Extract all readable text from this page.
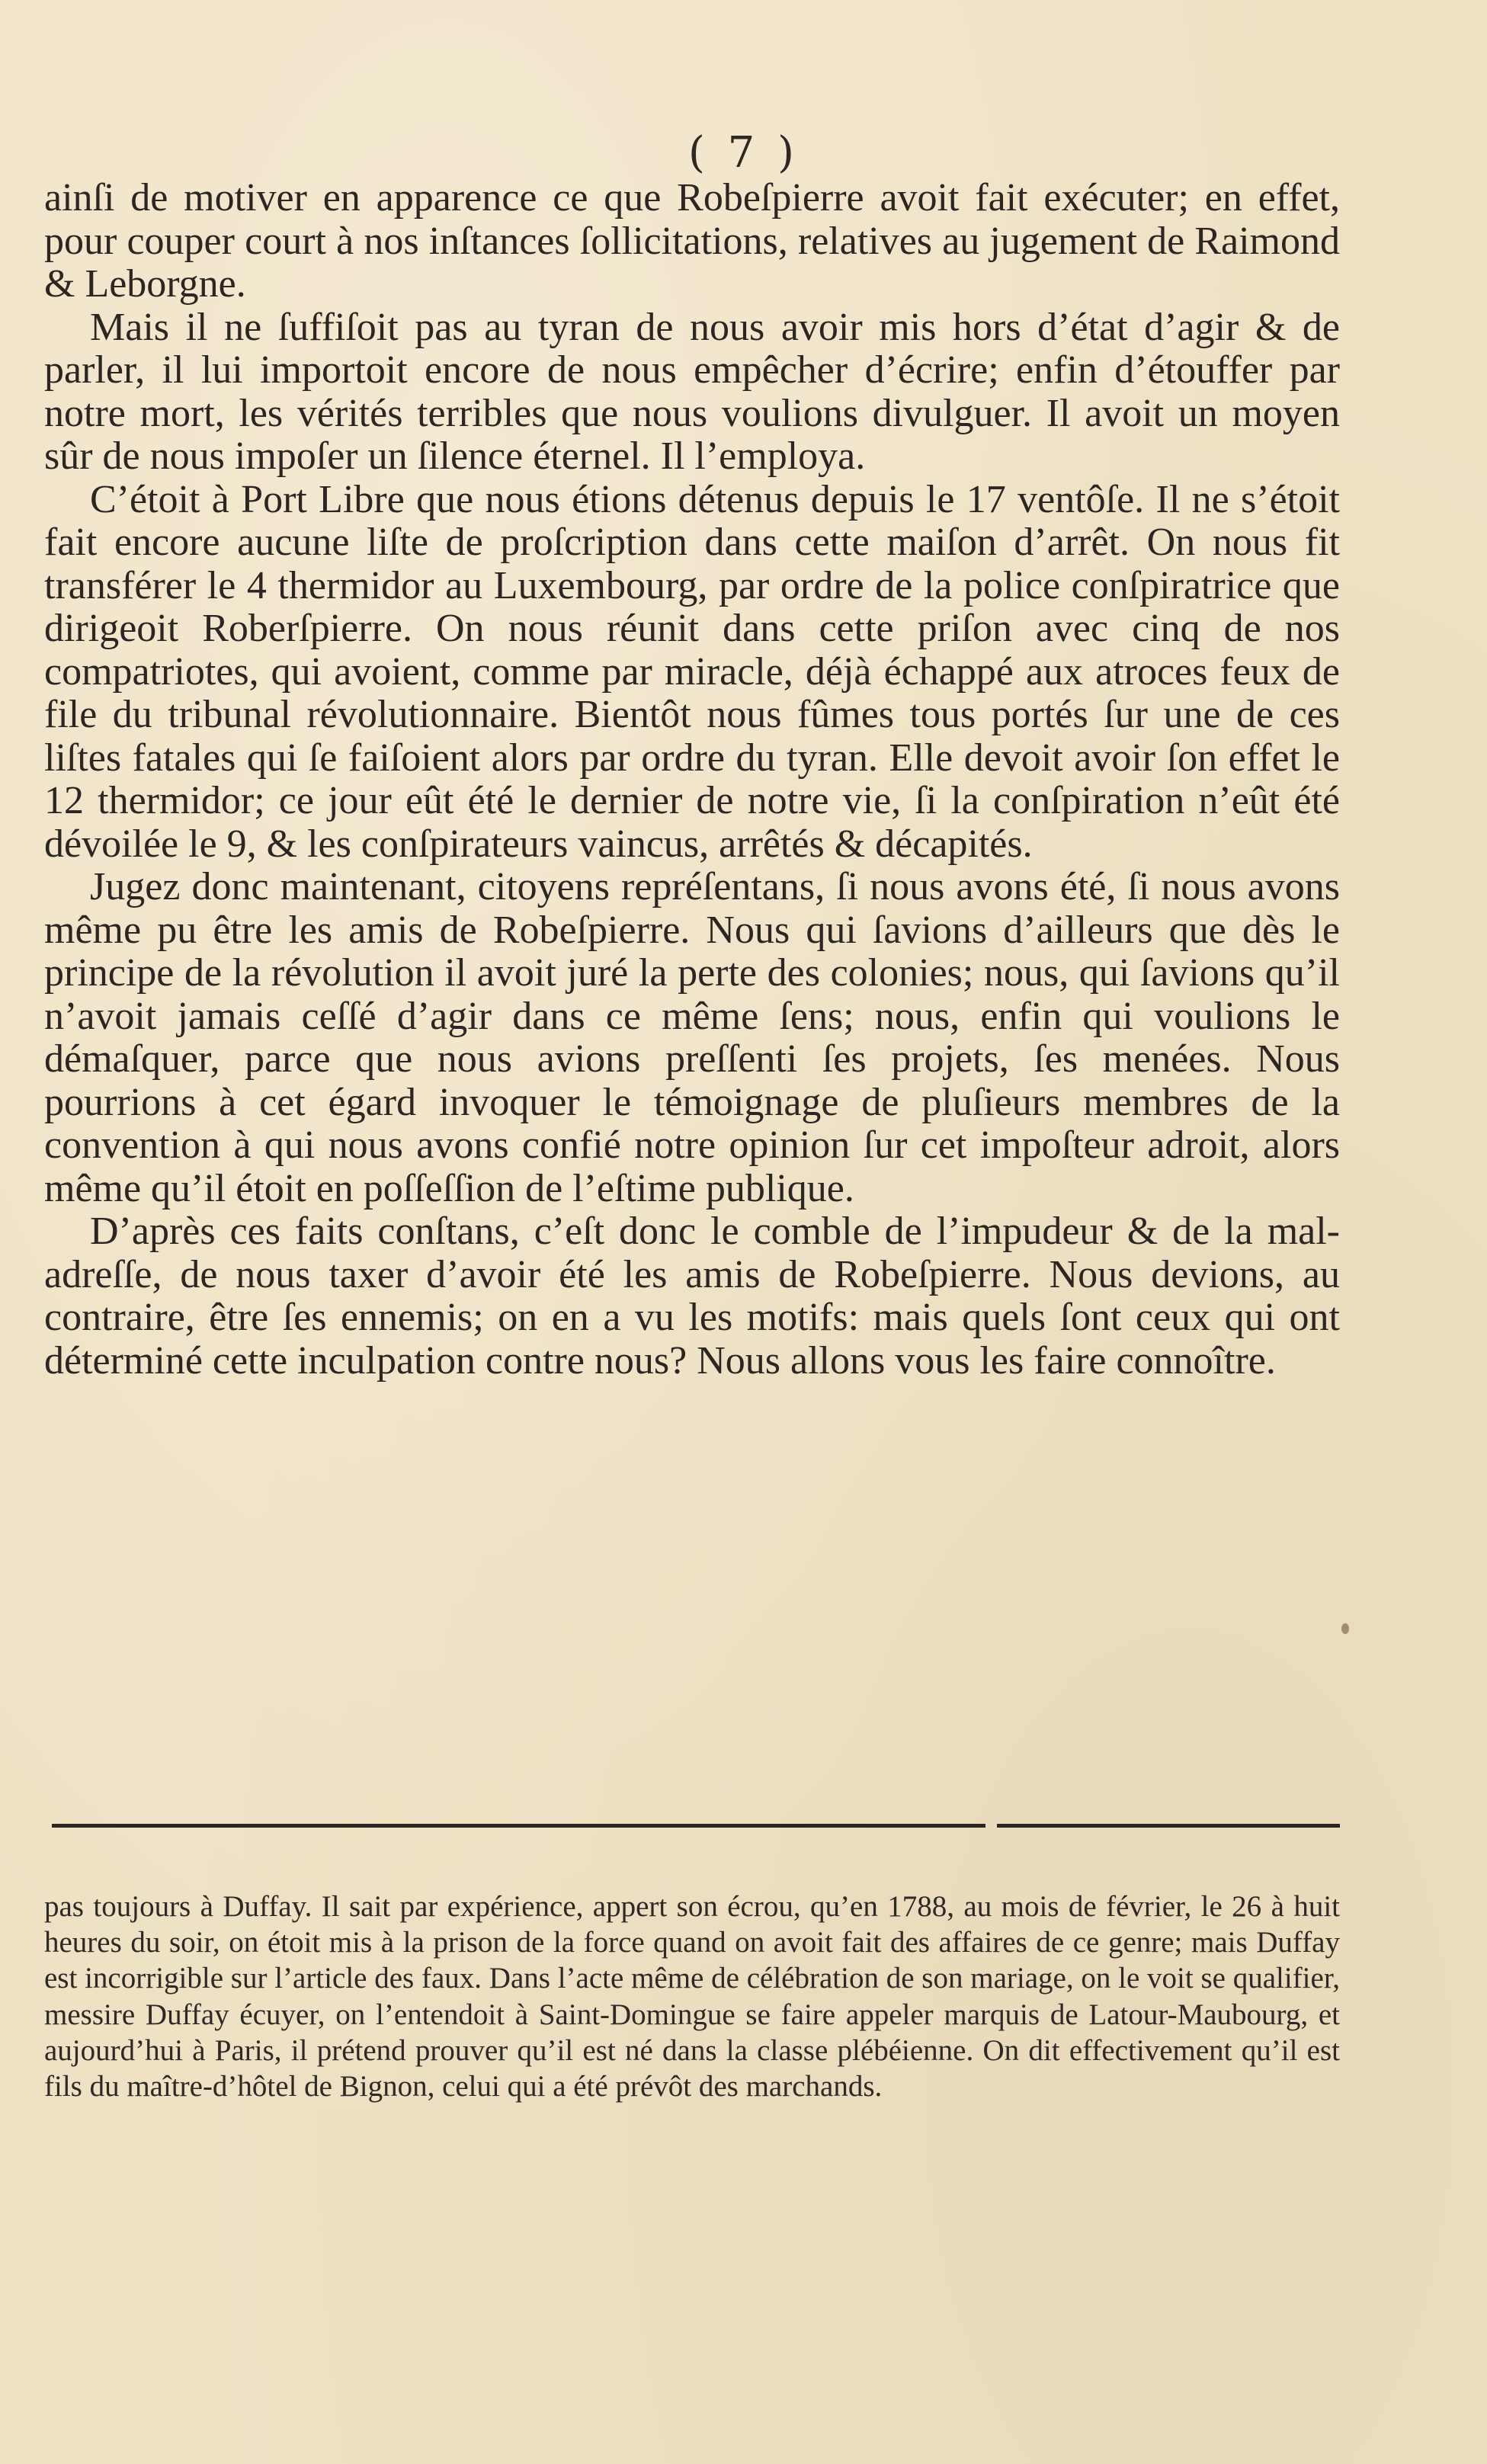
( 7 )

ainſi de motiver en apparence ce que Robeſpierre avoit fait exécuter; en effet, pour couper court à nos inſtances ſollicitations, relatives au jugement de Raimond & Leborgne.

Mais il ne ſuffiſoit pas au tyran de nous avoir mis hors d’état d’agir & de parler, il lui importoit encore de nous empêcher d’écrire; enfin d’étouffer par notre mort, les vérités terribles que nous voulions divulguer. Il avoit un moyen sûr de nous impoſer un ſilence éternel. Il l’employa.

C’étoit à Port Libre que nous étions détenus depuis le 17 ventôſe. Il ne s’étoit fait encore aucune liſte de proſcription dans cette maiſon d’arrêt. On nous fit transférer le 4 thermidor au Luxembourg, par ordre de la police conſpiratrice que dirigeoit Roberſpierre. On nous réunit dans cette priſon avec cinq de nos compatriotes, qui avoient, comme par miracle, déjà échappé aux atroces feux de file du tribunal révolutionnaire. Bientôt nous fûmes tous portés ſur une de ces liſtes fatales qui ſe faiſoient alors par ordre du tyran. Elle devoit avoir ſon effet le 12 thermidor; ce jour eût été le dernier de notre vie, ſi la conſpiration n’eût été dévoilée le 9, & les conſpirateurs vaincus, arrêtés & décapités.

Jugez donc maintenant, citoyens repréſentans, ſi nous avons été, ſi nous avons même pu être les amis de Robeſpierre. Nous qui ſavions d’ailleurs que dès le principe de la révolution il avoit juré la perte des colonies; nous, qui ſavions qu’il n’avoit jamais ceſſé d’agir dans ce même ſens; nous, enfin qui voulions le démaſquer, parce que nous avions preſſenti ſes projets, ſes menées. Nous pourrions à cet égard invoquer le témoignage de pluſieurs membres de la convention à qui nous avons confié notre opinion ſur cet impoſteur adroit, alors même qu’il étoit en poſſeſſion de l’eſtime publique.

D’après ces faits conſtans, c’eſt donc le comble de l’impudeur & de la mal-adreſſe, de nous taxer d’avoir été les amis de Robeſpierre. Nous devions, au contraire, être ſes ennemis; on en a vu les motifs: mais quels ſont ceux qui ont déterminé cette inculpation contre nous? Nous allons vous les faire connoître.

pas toujours à Duffay. Il sait par expérience, appert son écrou, qu’en 1788, au mois de février, le 26 à huit heures du soir, on étoit mis à la prison de la force quand on avoit fait des affaires de ce genre; mais Duffay est incorrigible sur l’article des faux. Dans l’acte même de célébration de son mariage, on le voit se qualifier, messire Duffay écuyer, on l’entendoit à Saint-Domingue se faire appeler marquis de Latour-Maubourg, et aujourd’hui à Paris, il prétend prouver qu’il est né dans la classe plébéienne. On dit effectivement qu’il est fils du maître-d’hôtel de Bignon, celui qui a été prévôt des marchands.
